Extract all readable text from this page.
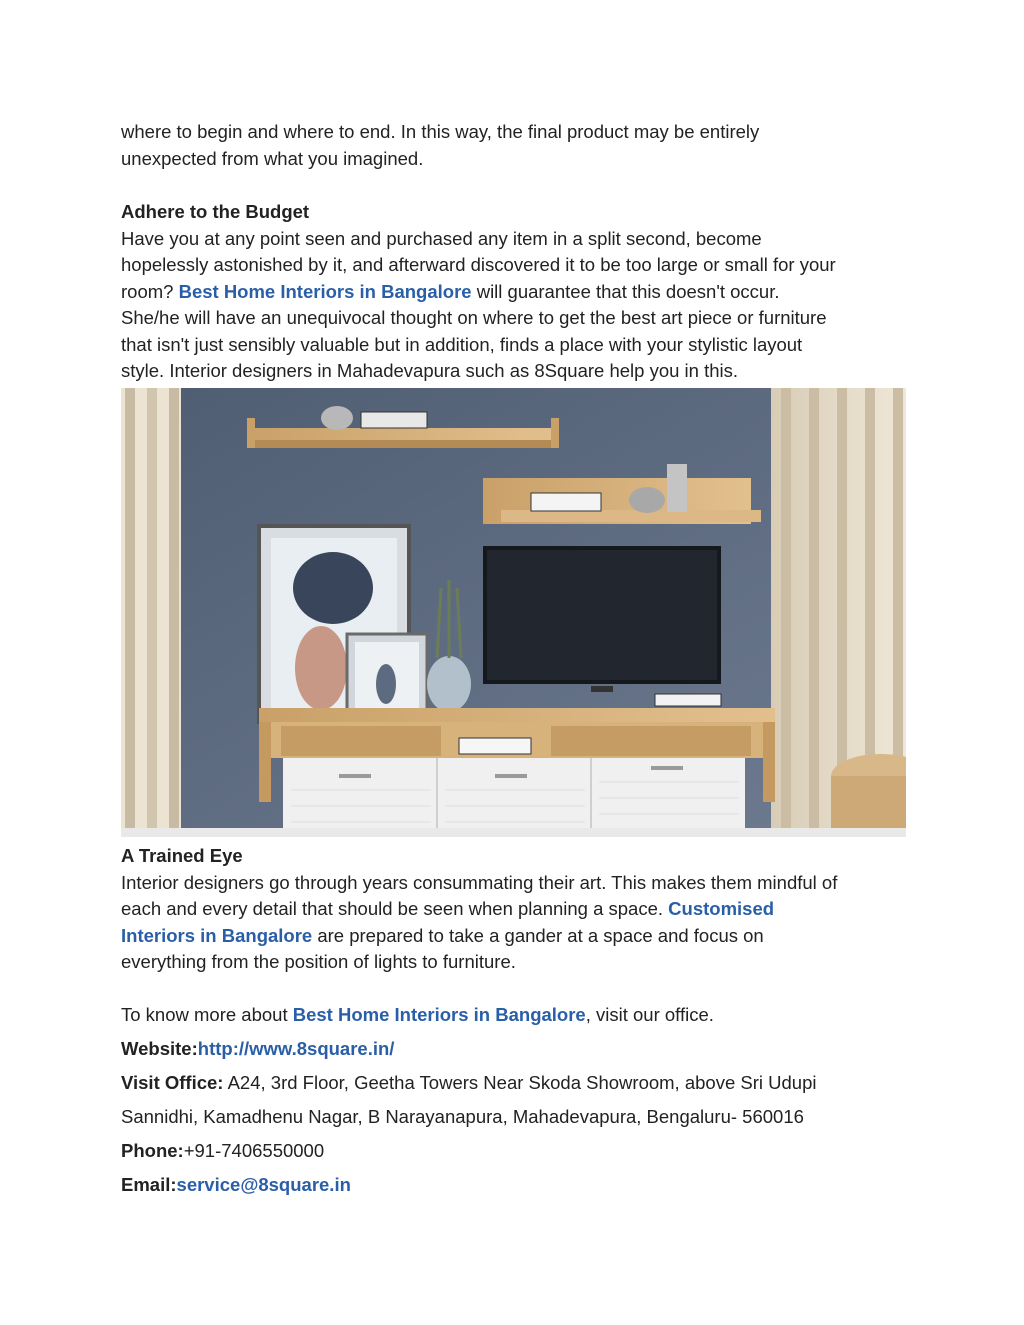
where to begin and where to end. In this way, the final product may be entirely

unexpected from what you imagined.

Adhere to the Budget

Have you at any point seen and purchased any item in a split second, become

hopelessly astonished by it, and afterward discovered it to be too large or small for your

room? Best Home Interiors in Bangalore will guarantee that this doesn't occur.

She/he will have an unequivocal thought on where to get the best art piece or furniture

that isn't just sensibly valuable but in addition, finds a place with your stylistic layout

style. Interior designers in Mahadevapura such as 8Square help you in this.

A Trained Eye

Interior designers go through years consummating their art. This makes them mindful of

each and every detail that should be seen when planning a space. Customised

Interiors in Bangalore are prepared to take a gander at a space and focus on

everything from the position of lights to furniture.

To know more about Best Home Interiors in Bangalore, visit our office.

Website:http://www.8square.in/

Visit Office: A24, 3rd Floor, Geetha Towers Near Skoda Showroom, above Sri Udupi

Sannidhi, Kamadhenu Nagar, B Narayanapura, Mahadevapura, Bengaluru- 560016

Phone:+91-7406550000

Email:service@8square.in
